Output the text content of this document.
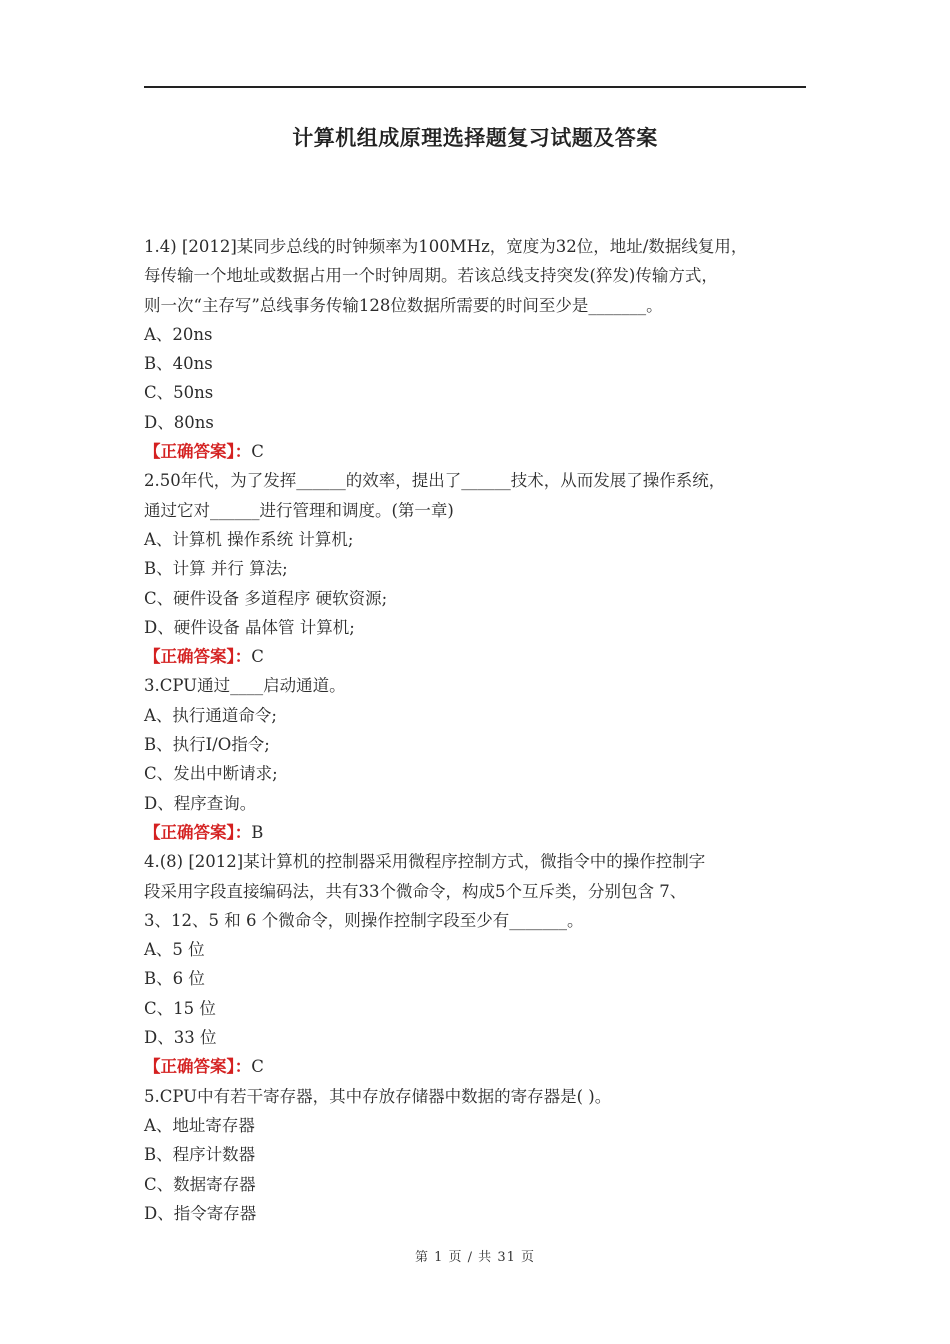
计算机组成原理选择题复习试题及答案
1.4) [2012]某同步总线的时钟频率为100MHz，宽度为32位，地址/数据线复用，
每传输一个地址或数据占用一个时钟周期。若该总线支持突发(猝发)传输方式，
则一次“主存写”总线事务传输128位数据所需要的时间至少是_______。
A、20ns
B、40ns
C、50ns
D、80ns
【正确答案】：C
2.50年代，为了发挥______的效率，提出了______技术，从而发展了操作系统，
通过它对______进行管理和调度。(第一章)
A、计算机 操作系统 计算机;
B、计算 并行 算法;
C、硬件设备 多道程序 硬软资源;
D、硬件设备 晶体管 计算机;
【正确答案】：C
3.CPU通过____启动通道。
A、执行通道命令;
B、执行I/O指令;
C、发出中断请求;
D、程序查询。
【正确答案】：B
4.(8) [2012]某计算机的控制器采用微程序控制方式，微指令中的操作控制字
段采用字段直接编码法，共有33个微命令，构成5个互斥类，分别包含 7、
3、12、5 和 6 个微命令，则操作控制字段至少有_______。
A、5 位
B、6 位
C、15 位
D、33 位
【正确答案】：C
5.CPU中有若干寄存器，其中存放存储器中数据的寄存器是( )。
A、地址寄存器
B、程序计数器
C、数据寄存器
D、指令寄存器
第 1 页 / 共 31 页
